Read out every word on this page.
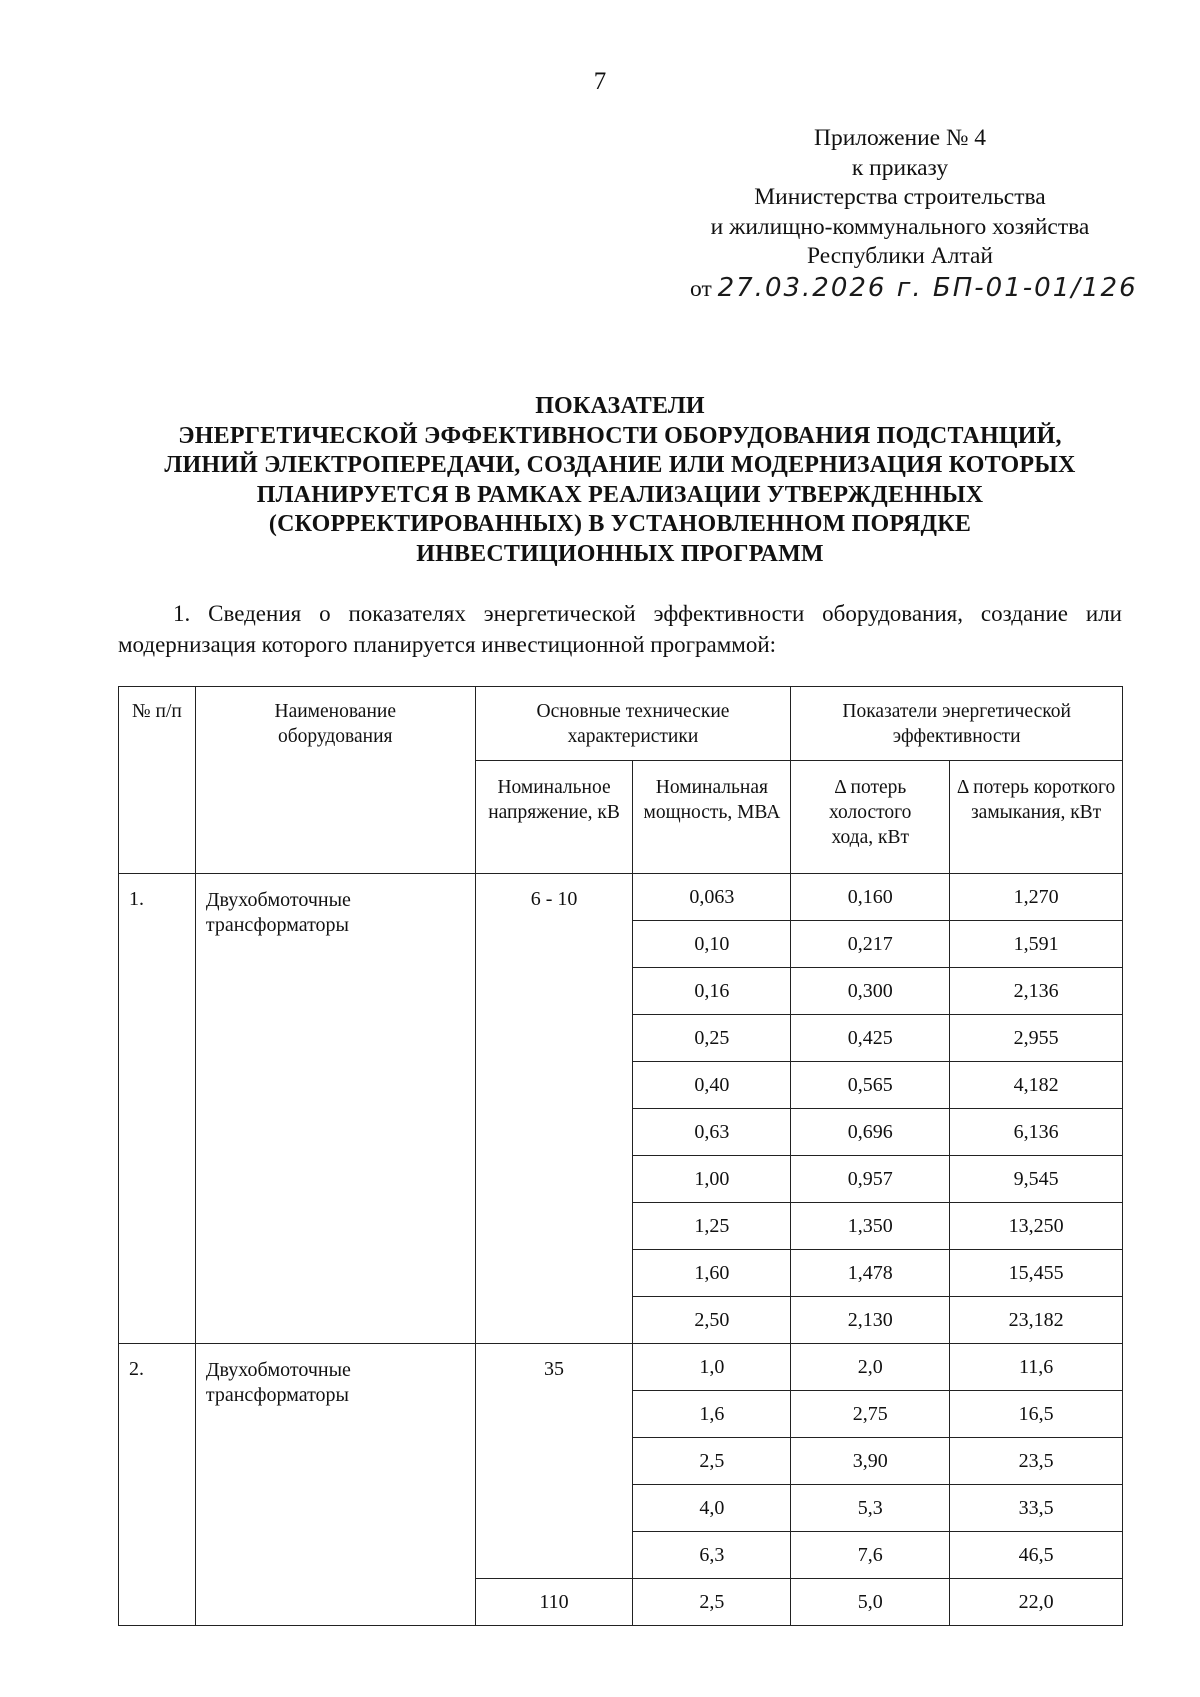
7
Приложение № 4
к приказу
Министерства строительства
и жилищно-коммунального хозяйства
Республики Алтай
от 27.03.2026 г. БП-01-01/126
ПОКАЗАТЕЛИ
ЭНЕРГЕТИЧЕСКОЙ ЭФФЕКТИВНОСТИ ОБОРУДОВАНИЯ ПОДСТАНЦИЙ,
ЛИНИЙ ЭЛЕКТРОПЕРЕДАЧИ, СОЗДАНИЕ ИЛИ МОДЕРНИЗАЦИЯ КОТОРЫХ
ПЛАНИРУЕТСЯ В РАМКАХ РЕАЛИЗАЦИИ УТВЕРЖДЕННЫХ
(СКОРРЕКТИРОВАННЫХ) В УСТАНОВЛЕННОМ ПОРЯДКЕ
ИНВЕСТИЦИОННЫХ ПРОГРАММ
1. Сведения о показателях энергетической эффективности оборудования, создание или модернизация которого планируется инвестиционной программой:
№ п/п	Наименование оборудования	Основные технические характеристики		Показатели энергетической эффективности	
		Номинальное напряжение, кВ	Номинальная мощность, МВА	Δ потерь холостого хода, кВт	Δ потерь короткого замыкания, кВт
1.	Двухобмоточные трансформаторы	6 - 10	0,063	0,160	1,270
			0,10	0,217	1,591
			0,16	0,300	2,136
			0,25	0,425	2,955
			0,40	0,565	4,182
			0,63	0,696	6,136
			1,00	0,957	9,545
			1,25	1,350	13,250
			1,60	1,478	15,455
			2,50	2,130	23,182
2.	Двухобмоточные трансформаторы	35	1,0	2,0	11,6
			1,6	2,75	16,5
			2,5	3,90	23,5
			4,0	5,3	33,5
			6,3	7,6	46,5
		110	2,5	5,0	22,0
